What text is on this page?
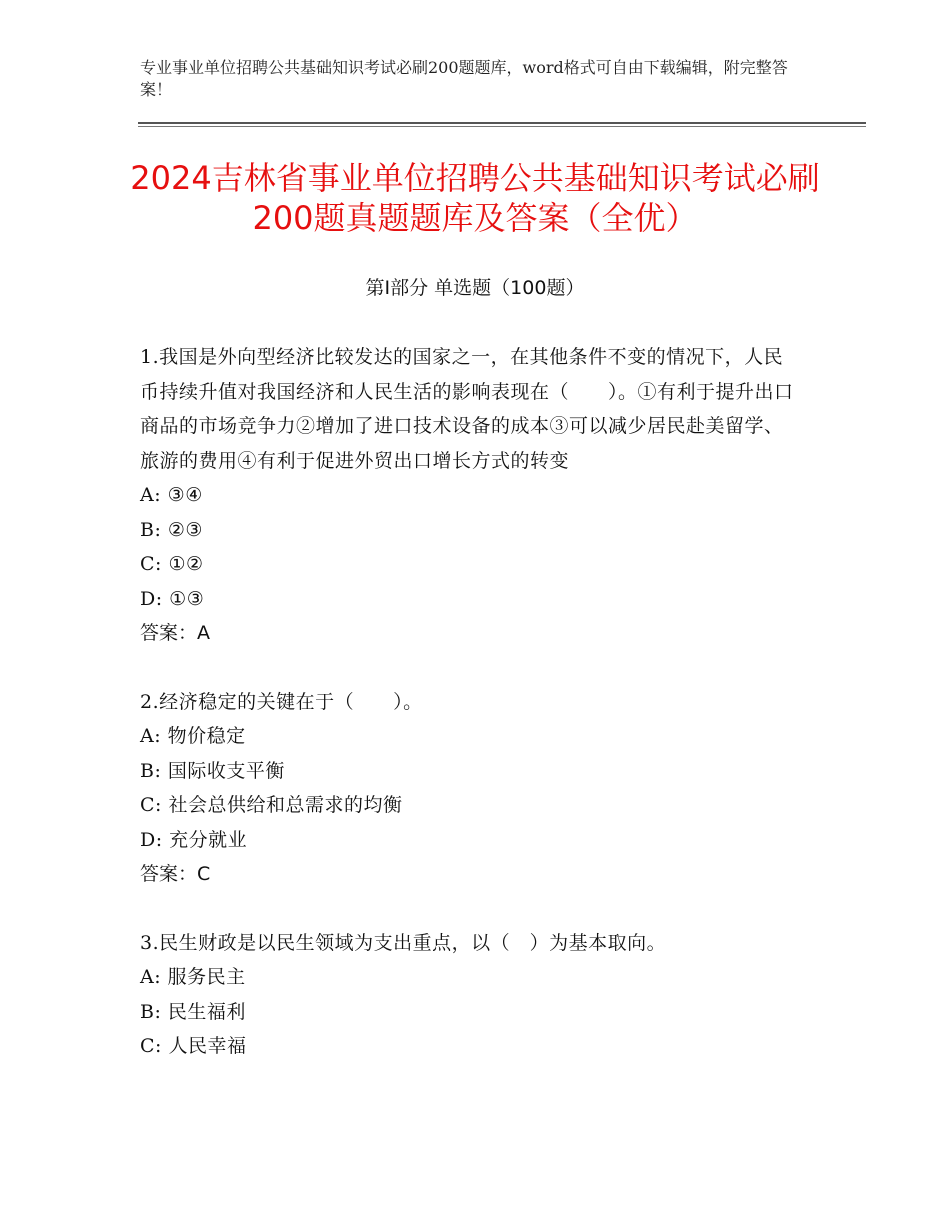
专业事业单位招聘公共基础知识考试必刷200题题库，word格式可自由下载编辑，附完整答案！
2024吉林省事业单位招聘公共基础知识考试必刷200题真题题库及答案（全优）
第Ⅰ部分 单选题（100题）

1.我国是外向型经济比较发达的国家之一，在其他条件不变的情况下，人民币持续升值对我国经济和人民生活的影响表现在（　　）。①有利于提升出口商品的市场竞争力②增加了进口技术设备的成本③可以减少居民赴美留学、旅游的费用④有利于促进外贸出口增长方式的转变

A: ③④

B: ②③

C: ①②

D: ①③

答案：A

2.经济稳定的关键在于（　　）。

A: 物价稳定

B: 国际收支平衡

C: 社会总供给和总需求的均衡

D: 充分就业

答案：C

3.民生财政是以民生领域为支出重点，以（　）为基本取向。

A: 服务民主

B: 民生福利

C: 人民幸福
